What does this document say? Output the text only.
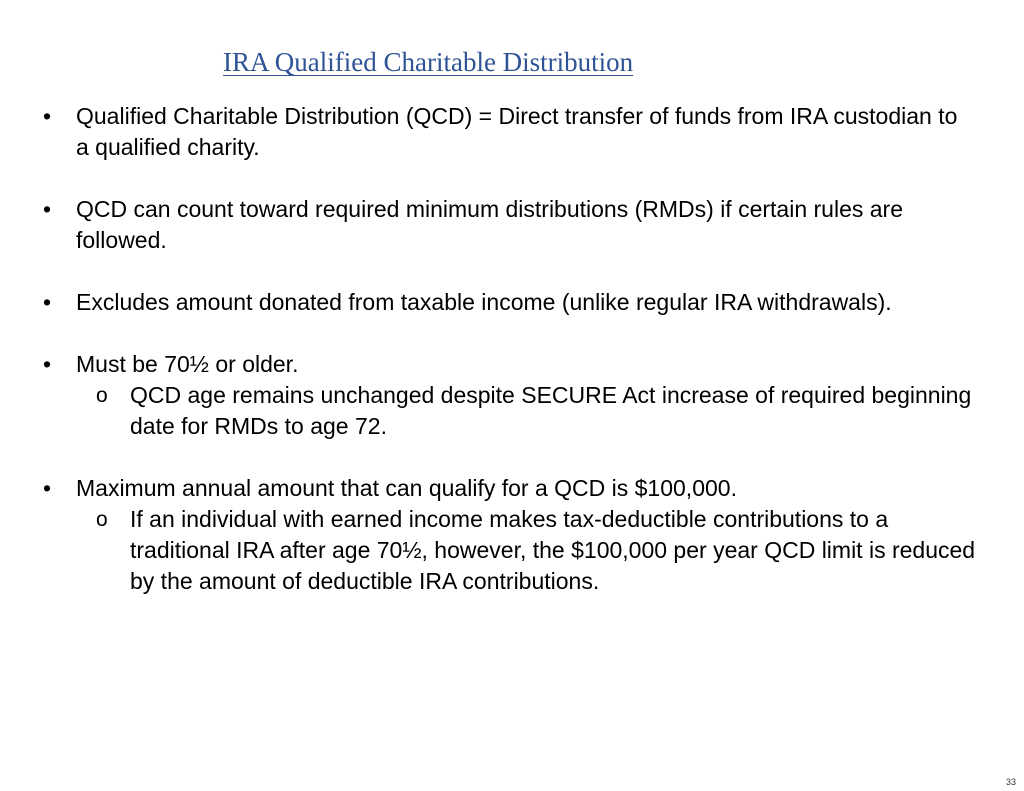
IRA Qualified Charitable Distribution
• Qualified Charitable Distribution (QCD) = Direct transfer of funds from IRA custodian to a qualified charity.
• QCD can count toward required minimum distributions (RMDs) if certain rules are followed.
• Excludes amount donated from taxable income (unlike regular IRA withdrawals).
• Must be 70½ or older.
o QCD age remains unchanged despite SECURE Act increase of required beginning date for RMDs to age 72.
• Maximum annual amount that can qualify for a QCD is $100,000.
o If an individual with earned income makes tax-deductible contributions to a traditional IRA after age 70½, however, the $100,000 per year QCD limit is reduced by the amount of deductible IRA contributions.
33
